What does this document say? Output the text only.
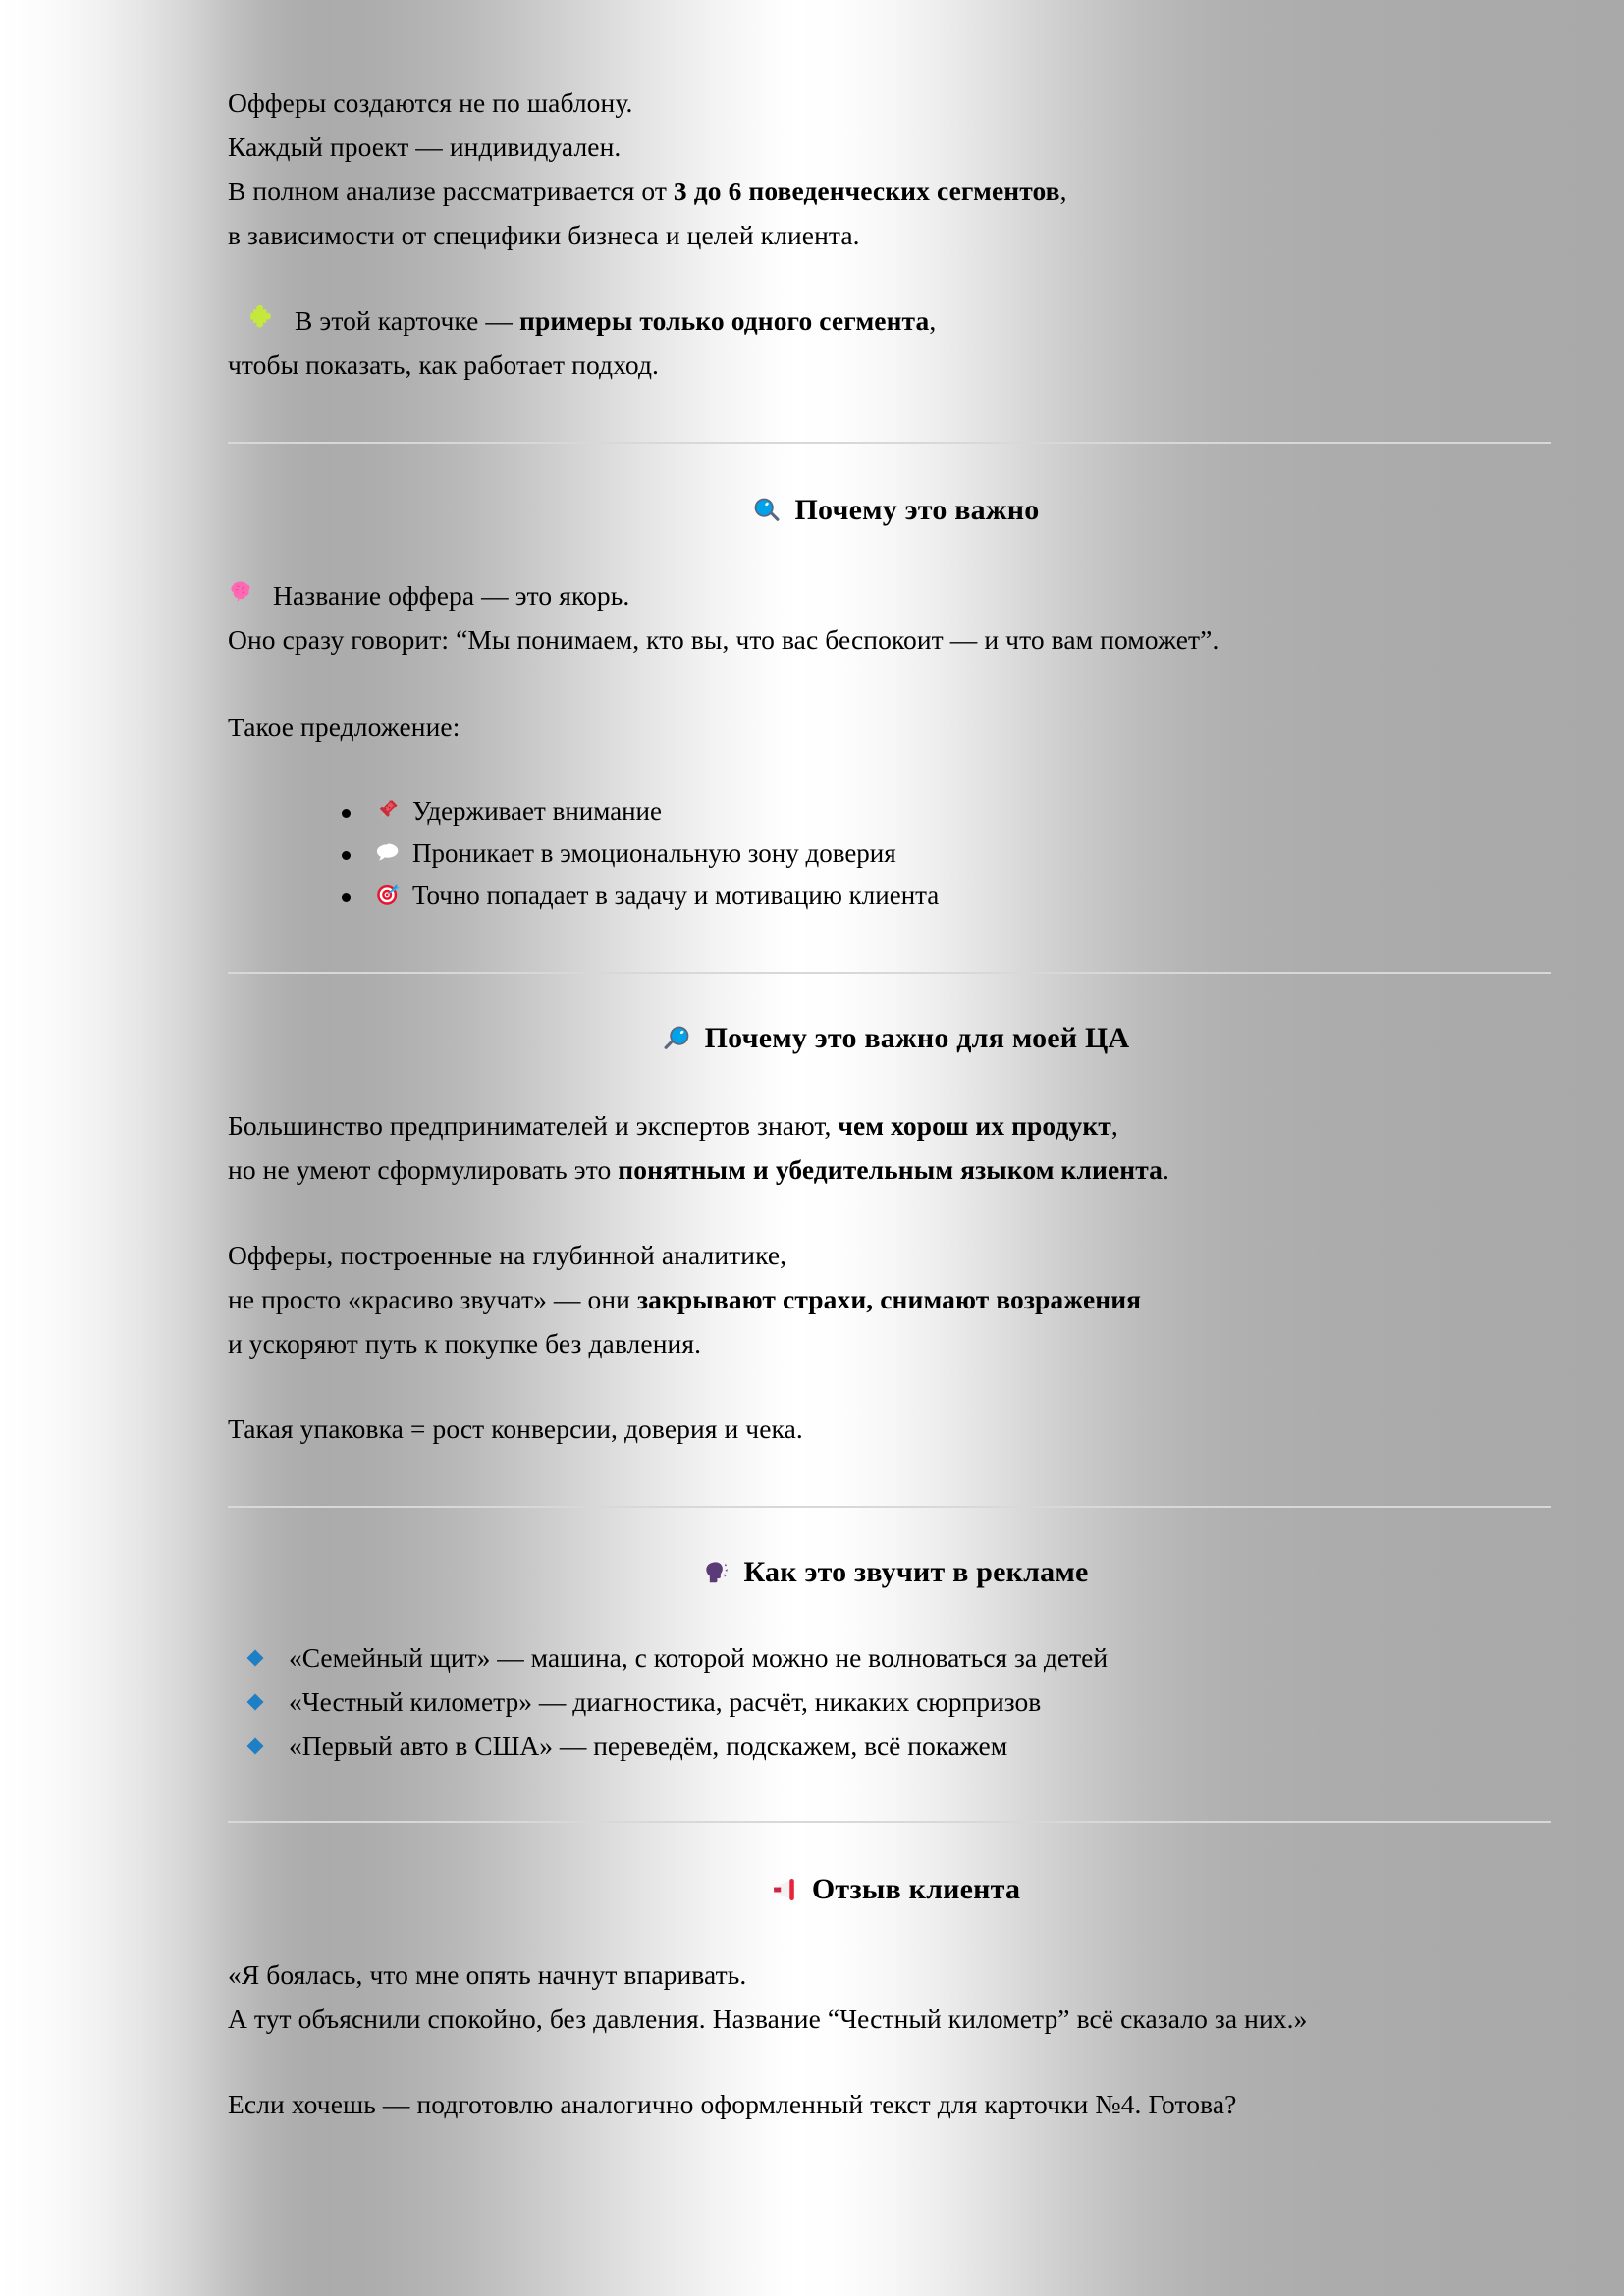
Офферы создаются не по шаблону.
Каждый проект — индивидуален.
В полном анализе рассматривается от 3 до 6 поведенческих сегментов,
в зависимости от специфики бизнеса и целей клиента.
В этой карточке — примеры только одного сегмента,
чтобы показать, как работает подход.
Почему это важно
Название оффера — это якорь.
Оно сразу говорит: “Мы понимаем, кто вы, что вас беспокоит — и что вам поможет”.
Такое предложение:
Удерживает внимание
Проникает в эмоциональную зону доверия
Точно попадает в задачу и мотивацию клиента
Почему это важно для моей ЦА
Большинство предпринимателей и экспертов знают, чем хорош их продукт,
но не умеют сформулировать это понятным и убедительным языком клиента.
Офферы, построенные на глубинной аналитике,
не просто «красиво звучат» — они закрывают страхи, снимают возражения
и ускоряют путь к покупке без давления.
Такая упаковка = рост конверсии, доверия и чека.
Как это звучит в рекламе
«Семейный щит» — машина, с которой можно не волноваться за детей
«Честный километр» — диагностика, расчёт, никаких сюрпризов
«Первый авто в США» — переведём, подскажем, всё покажем
Отзыв клиента
«Я боялась, что мне опять начнут впаривать.
А тут объяснили спокойно, без давления. Название “Честный километр” всё сказало за них.»
Если хочешь — подготовлю аналогично оформленный текст для карточки №4. Готова?
